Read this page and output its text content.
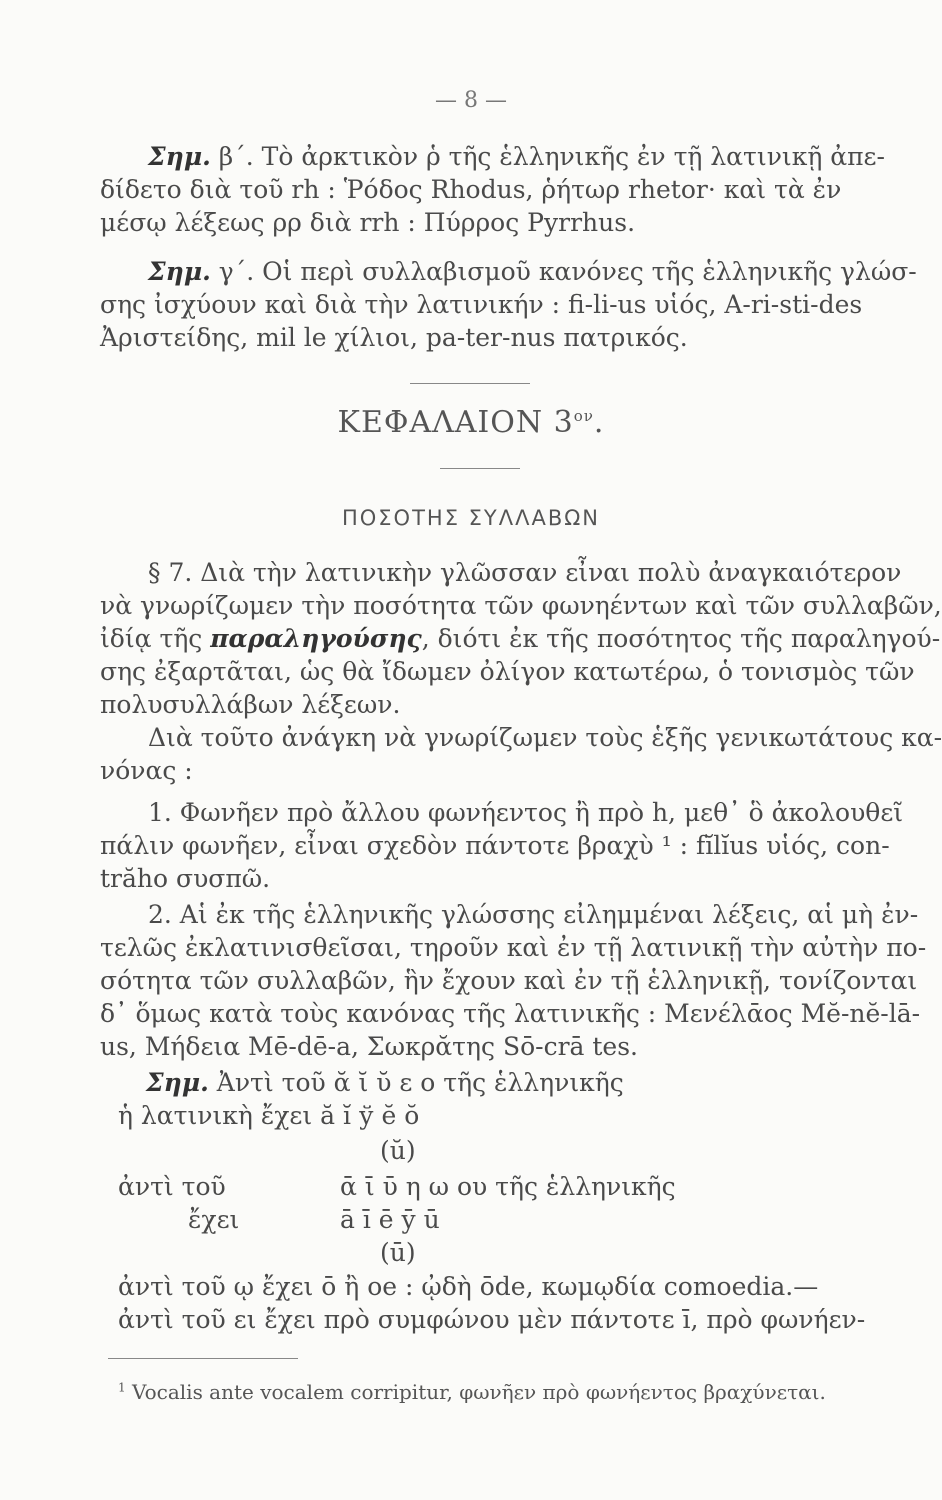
— 8 —
Σημ. β΄. Τὸ ἀρκτικὸν ῥ τῆς ἑλληνικῆς ἐν τῇ λατινικῇ ἀπε-
δίδετο διὰ τοῦ rh : Ῥόδος Rhodus, ῥήτωρ rhetor· καὶ τὰ ἐν
μέσῳ λέξεως ρρ διὰ rrh : Πύρρος Pyrrhus.
Σημ. γ΄. Οἱ περὶ συλλαβισμοῦ κανόνες τῆς ἑλληνικῆς γλώσ-
σης ἰσχύουν καὶ διὰ τὴν λατινικήν : fi-li-us υἱός, A-ri-sti-des
Ἀριστείδης, mil le χίλιοι, pa-ter-nus πατρικός.
ΚΕΦΑΛΑΙΟΝ $3^{o\nu}$.
ΠΟΣΟΤΗΣ ΣΥΛΛΑΒΩΝ
§ 7. Διὰ τὴν λατινικὴν γλῶσσαν εἶναι πολὺ ἀναγκαιότερον
νὰ γνωρίζωμεν τὴν ποσότητα τῶν φωνηέντων καὶ τῶν συλλαβῶν,
ἰδίᾳ τῆς παραληγούσης, διότι ἐκ τῆς ποσότητος τῆς παραληγού-
σης ἐξαρτᾶται, ὡς θὰ ἴδωμεν ὀλίγον κατωτέρω, ὁ τονισμὸς τῶν
πολυσυλλάβων λέξεων.
Διὰ τοῦτο ἀνάγκη νὰ γνωρίζωμεν τοὺς ἑξῆς γενικωτάτους κα-
νόνας :
1. Φωνῆεν πρὸ ἄλλου φωνήεντος ἢ πρὸ h, μεθ᾽ ὃ ἀκολουθεῖ
πάλιν φωνῆεν, εἶναι σχεδὸν πάντοτε βραχὺ ¹ : fĭlĭus υἱός, con-
trăho συσπῶ.
2. Αἱ ἐκ τῆς ἑλληνικῆς γλώσσης εἰλημμέναι λέξεις, αἱ μὴ ἐν-
τελῶς ἐκλατινισθεῖσαι, τηροῦν καὶ ἐν τῇ λατινικῇ τὴν αὐτὴν πο-
σότητα τῶν συλλαβῶν, ἣν ἔχουν καὶ ἐν τῇ ἑλληνικῇ, τονίζονται
δ᾽ ὅμως κατὰ τοὺς κανόνας τῆς λατινικῆς : Μενέλᾱος Mĕ-nĕ-lā-
us, Μήδεια Mē-dē-a, Σωκρᾰτης Sō-crā tes.
Σημ. Ἀντὶ τοῦ ᾰ ῐ ῠ ε ο τῆς ἑλληνικῆς
ἡ λατινικὴ ἔχει ă ĭ ў ĕ ŏ
(ŭ)
ἀντὶ τοῦ	ᾱ ῑ ῡ η ω ου τῆς ἑλληνικῆς
ἔχει	ā ī ē ȳ ū
(ū)
ἀντὶ τοῦ ῳ ἔχει ō ἢ oe : ᾠδὴ ōde, κωμῳδία comoedia.—
ἀντὶ τοῦ ει ἔχει πρὸ συμφώνου μὲν πάντοτε ī, πρὸ φωνήεν-
$^1$ Vocalis ante vocalem corripitur, φωνῆεν πρὸ φωνήεντος βραχύνεται.
